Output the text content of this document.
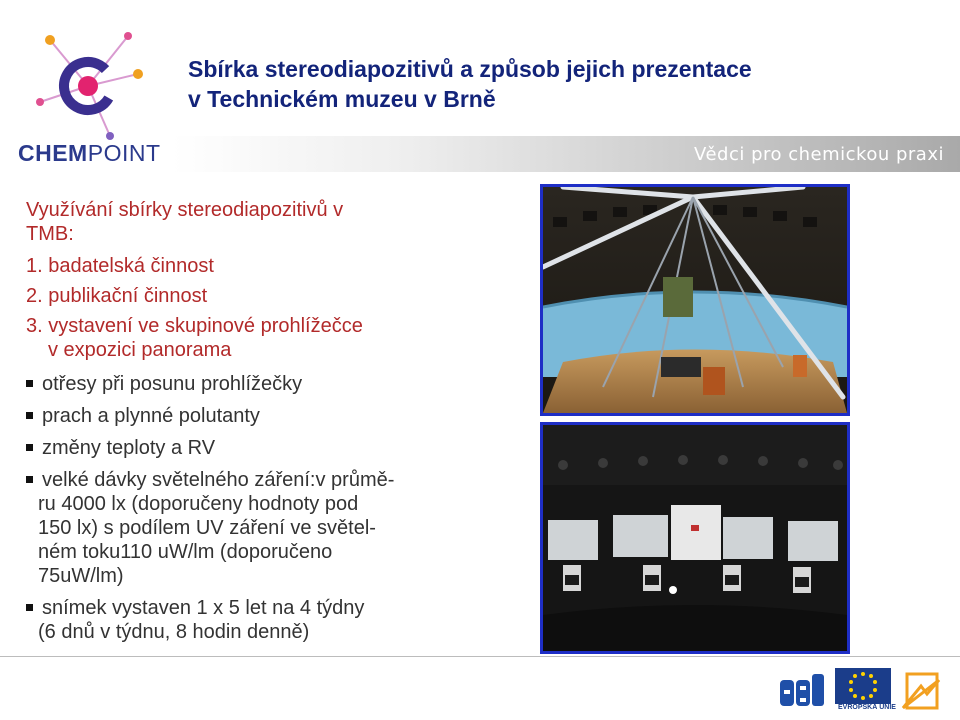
CHEMPOINT
Sbírka stereodiapozitivů a způsob jejich prezentace
v Technickém muzeu v Brně
Vědci pro chemickou praxi
Využívání sbírky stereodiapozitivů v
TMB:
1. badatelská činnost
2. publikační činnost
3. vystavení ve skupinové prohlížečce
v expozici panorama
otřesy při posunu prohlížečky
prach a plynné polutanty
změny teploty a RV
velké dávky světelného záření:v průmě-
ru 4000 lx (doporučeny hodnoty pod
150 lx) s podílem UV záření ve světel-
ném toku110 uW/lm (doporučeno
75uW/lm)
snímek vystaven 1 x 5 let na 4 týdny
(6 dnů v týdnu, 8 hodin denně)
EVROPSKÁ UNIE
